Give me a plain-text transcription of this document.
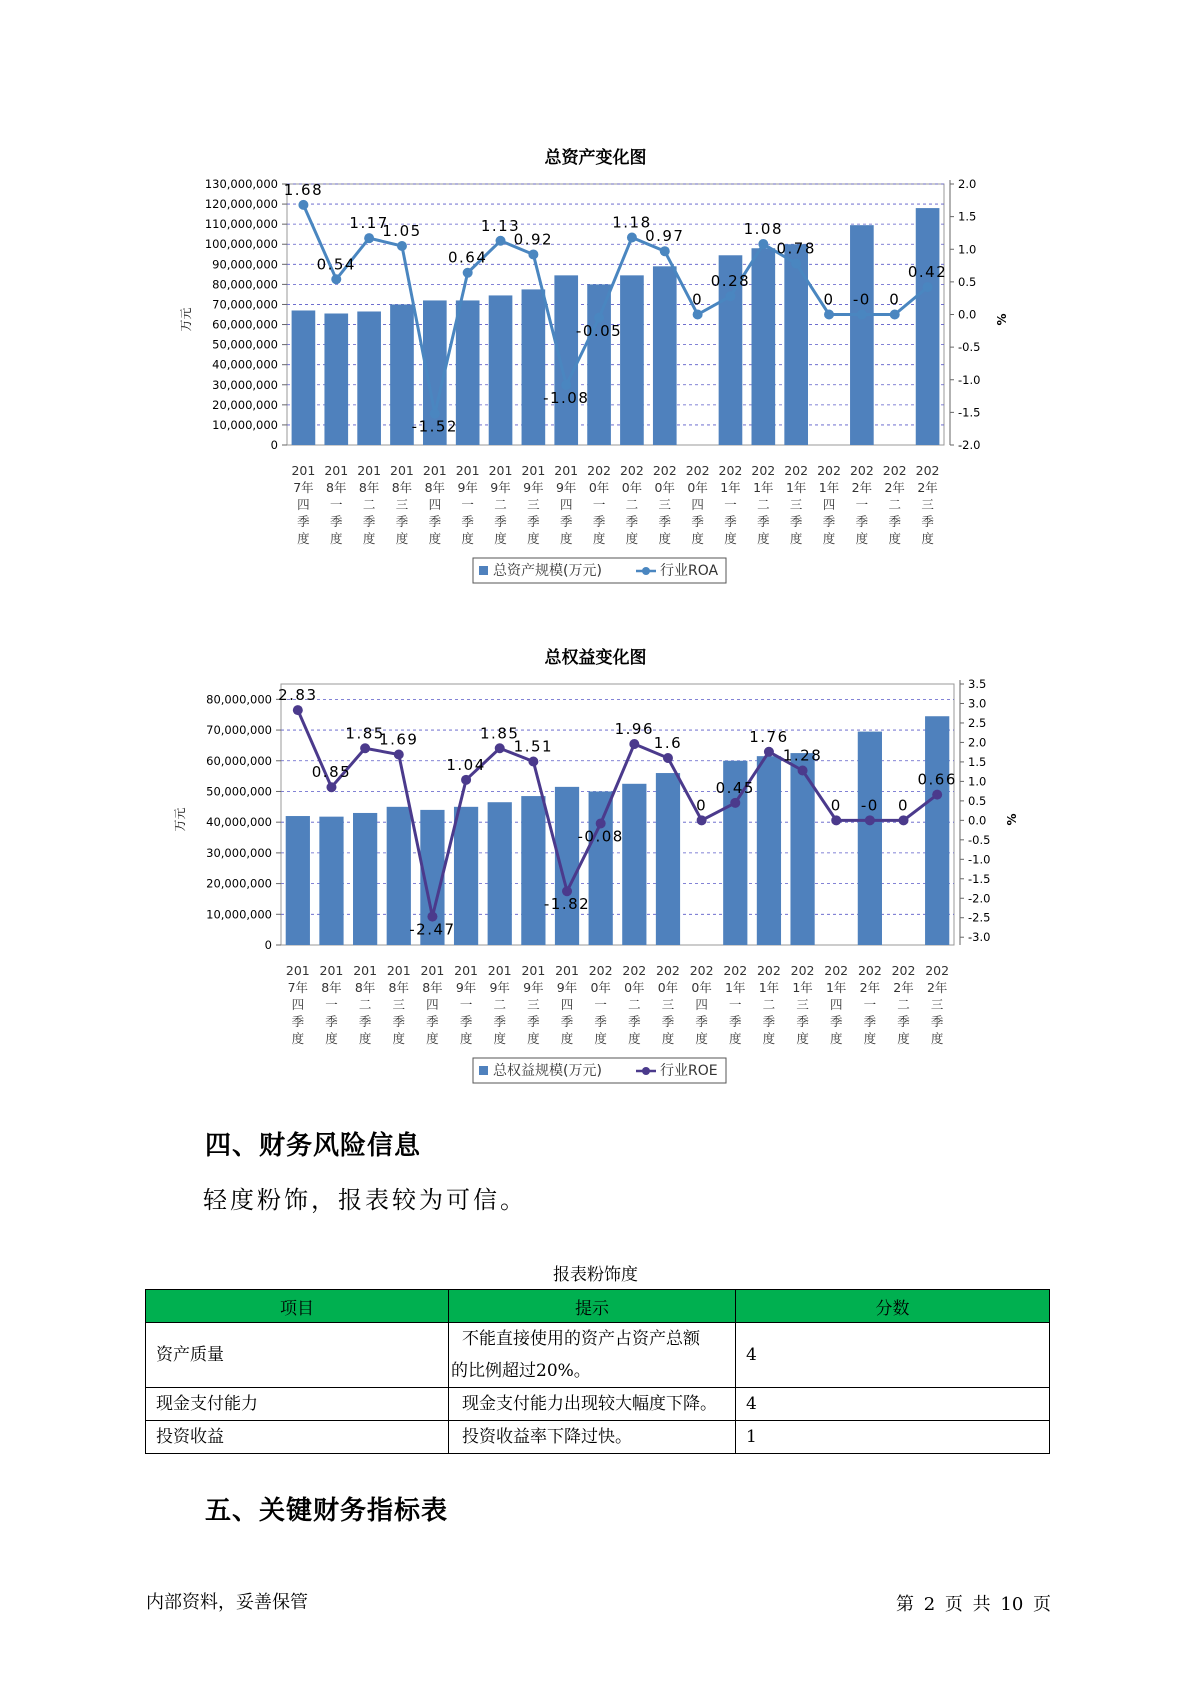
总资产变化图
130,000,000
120,000,000
110,000,000
100,000,000
90,000,000
80,000,000
70,000,000
60,000,000
50,000,000
40,000,000
30,000,000
20,000,000
10,000,000
0
2.0
1.5
1.0
0.5
0.0
-0.5
-1.0
-1.5
-2.0
万元	%
1.68
0.54
1.17
1.05
-1.52
0.64
1.13
0.92
-1.08
-0.05
1.18
0.97
0
0.28
1.08
0.78
0 -0 0
0.42
201
7年
四
季
度
201
8年
一
季
度
201
8年
二
季
度
201
8年
三
季
度
201
8年
四
季
度
201
9年
一
季
度
201
9年
二
季
度
201
9年
三
季
度
201
9年
四
季
度
202
0年
一
季
度
202
0年
二
季
度
202
0年
三
季
度
202
0年
四
季
度
202
1年
一
季
度
202
1年
二
季
度
202
1年
三
季
度
202
1年
四
季
度
202
2年
一
季
度
202
2年
二
季
度
202
2年
三
季
度
总资产规模(万元)	行业ROA
总权益变化图
80,000,000
70,000,000
60,000,000
50,000,000
40,000,000
30,000,000
20,000,000
10,000,000
0
3.5
3.0
2.5
2.0
1.5
1.0
0.5
0.0
-0.5
-1.0
-1.5
-2.0
-2.5
-3.0
万元	%
2.83
0.85
1.85
1.69
-2.47
1.04
1.85
1.51
-1.82
-0.08
1.96
1.6
0
0.45
1.76
1.28
0 -0 0
0.66
201
7年
四
季
度
201
8年
一
季
度
201
8年
二
季
度
201
8年
三
季
度
201
8年
四
季
度
201
9年
一
季
度
201
9年
二
季
度
201
9年
三
季
度
201
9年
四
季
度
202
0年
一
季
度
202
0年
二
季
度
202
0年
三
季
度
202
0年
四
季
度
202
1年
一
季
度
202
1年
二
季
度
202
1年
三
季
度
202
1年
四
季
度
202
2年
一
季
度
202
2年
二
季
度
202
2年
三
季
度
总权益规模(万元)	行业ROE
四、财务风险信息
轻度粉饰，报表较为可信。
报表粉饰度
项目	提示	分数
资产质量	不能直接使用的资产占资产总额
的比例超过20%。	4
现金支付能力	现金支付能力出现较大幅度下降。	4
投资收益	投资收益率下降过快。	1
五、关键财务指标表
内部资料，妥善保管	第 2 页 共 10 页
